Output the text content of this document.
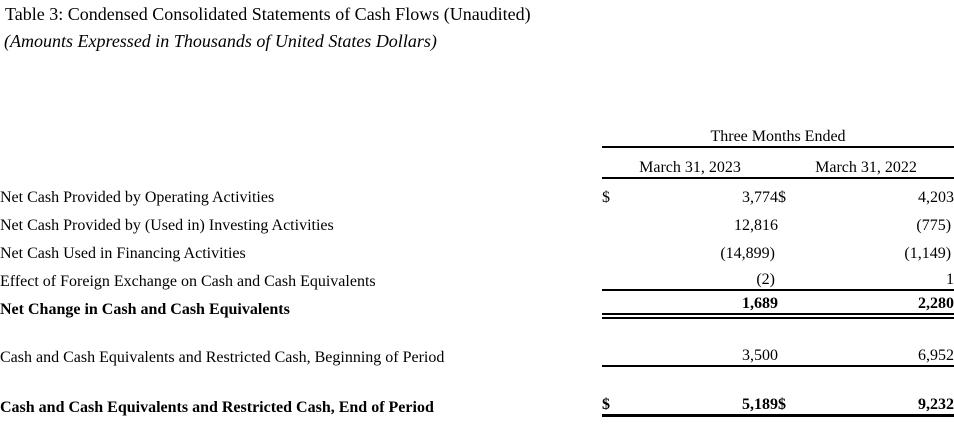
Table 3: Condensed Consolidated Statements of Cash Flows (Unaudited)
(Amounts Expressed in Thousands of United States Dollars)
	Three Months Ended			
	March 31, 2023		March 31, 2022	
Net Cash Provided by Operating Activities	$	3,774	$	4,203
Net Cash Provided by (Used in) Investing Activities		12,816		(775)
Net Cash Used in Financing Activities		(14,899)		(1,149)
Effect of Foreign Exchange on Cash and Cash Equivalents		(2)		1
Net Change in Cash and Cash Equivalents		1,689		2,280

Cash and Cash Equivalents and Restricted Cash, Beginning of Period		3,500		6,952

Cash and Cash Equivalents and Restricted Cash, End of Period	$	5,189	$	9,232
